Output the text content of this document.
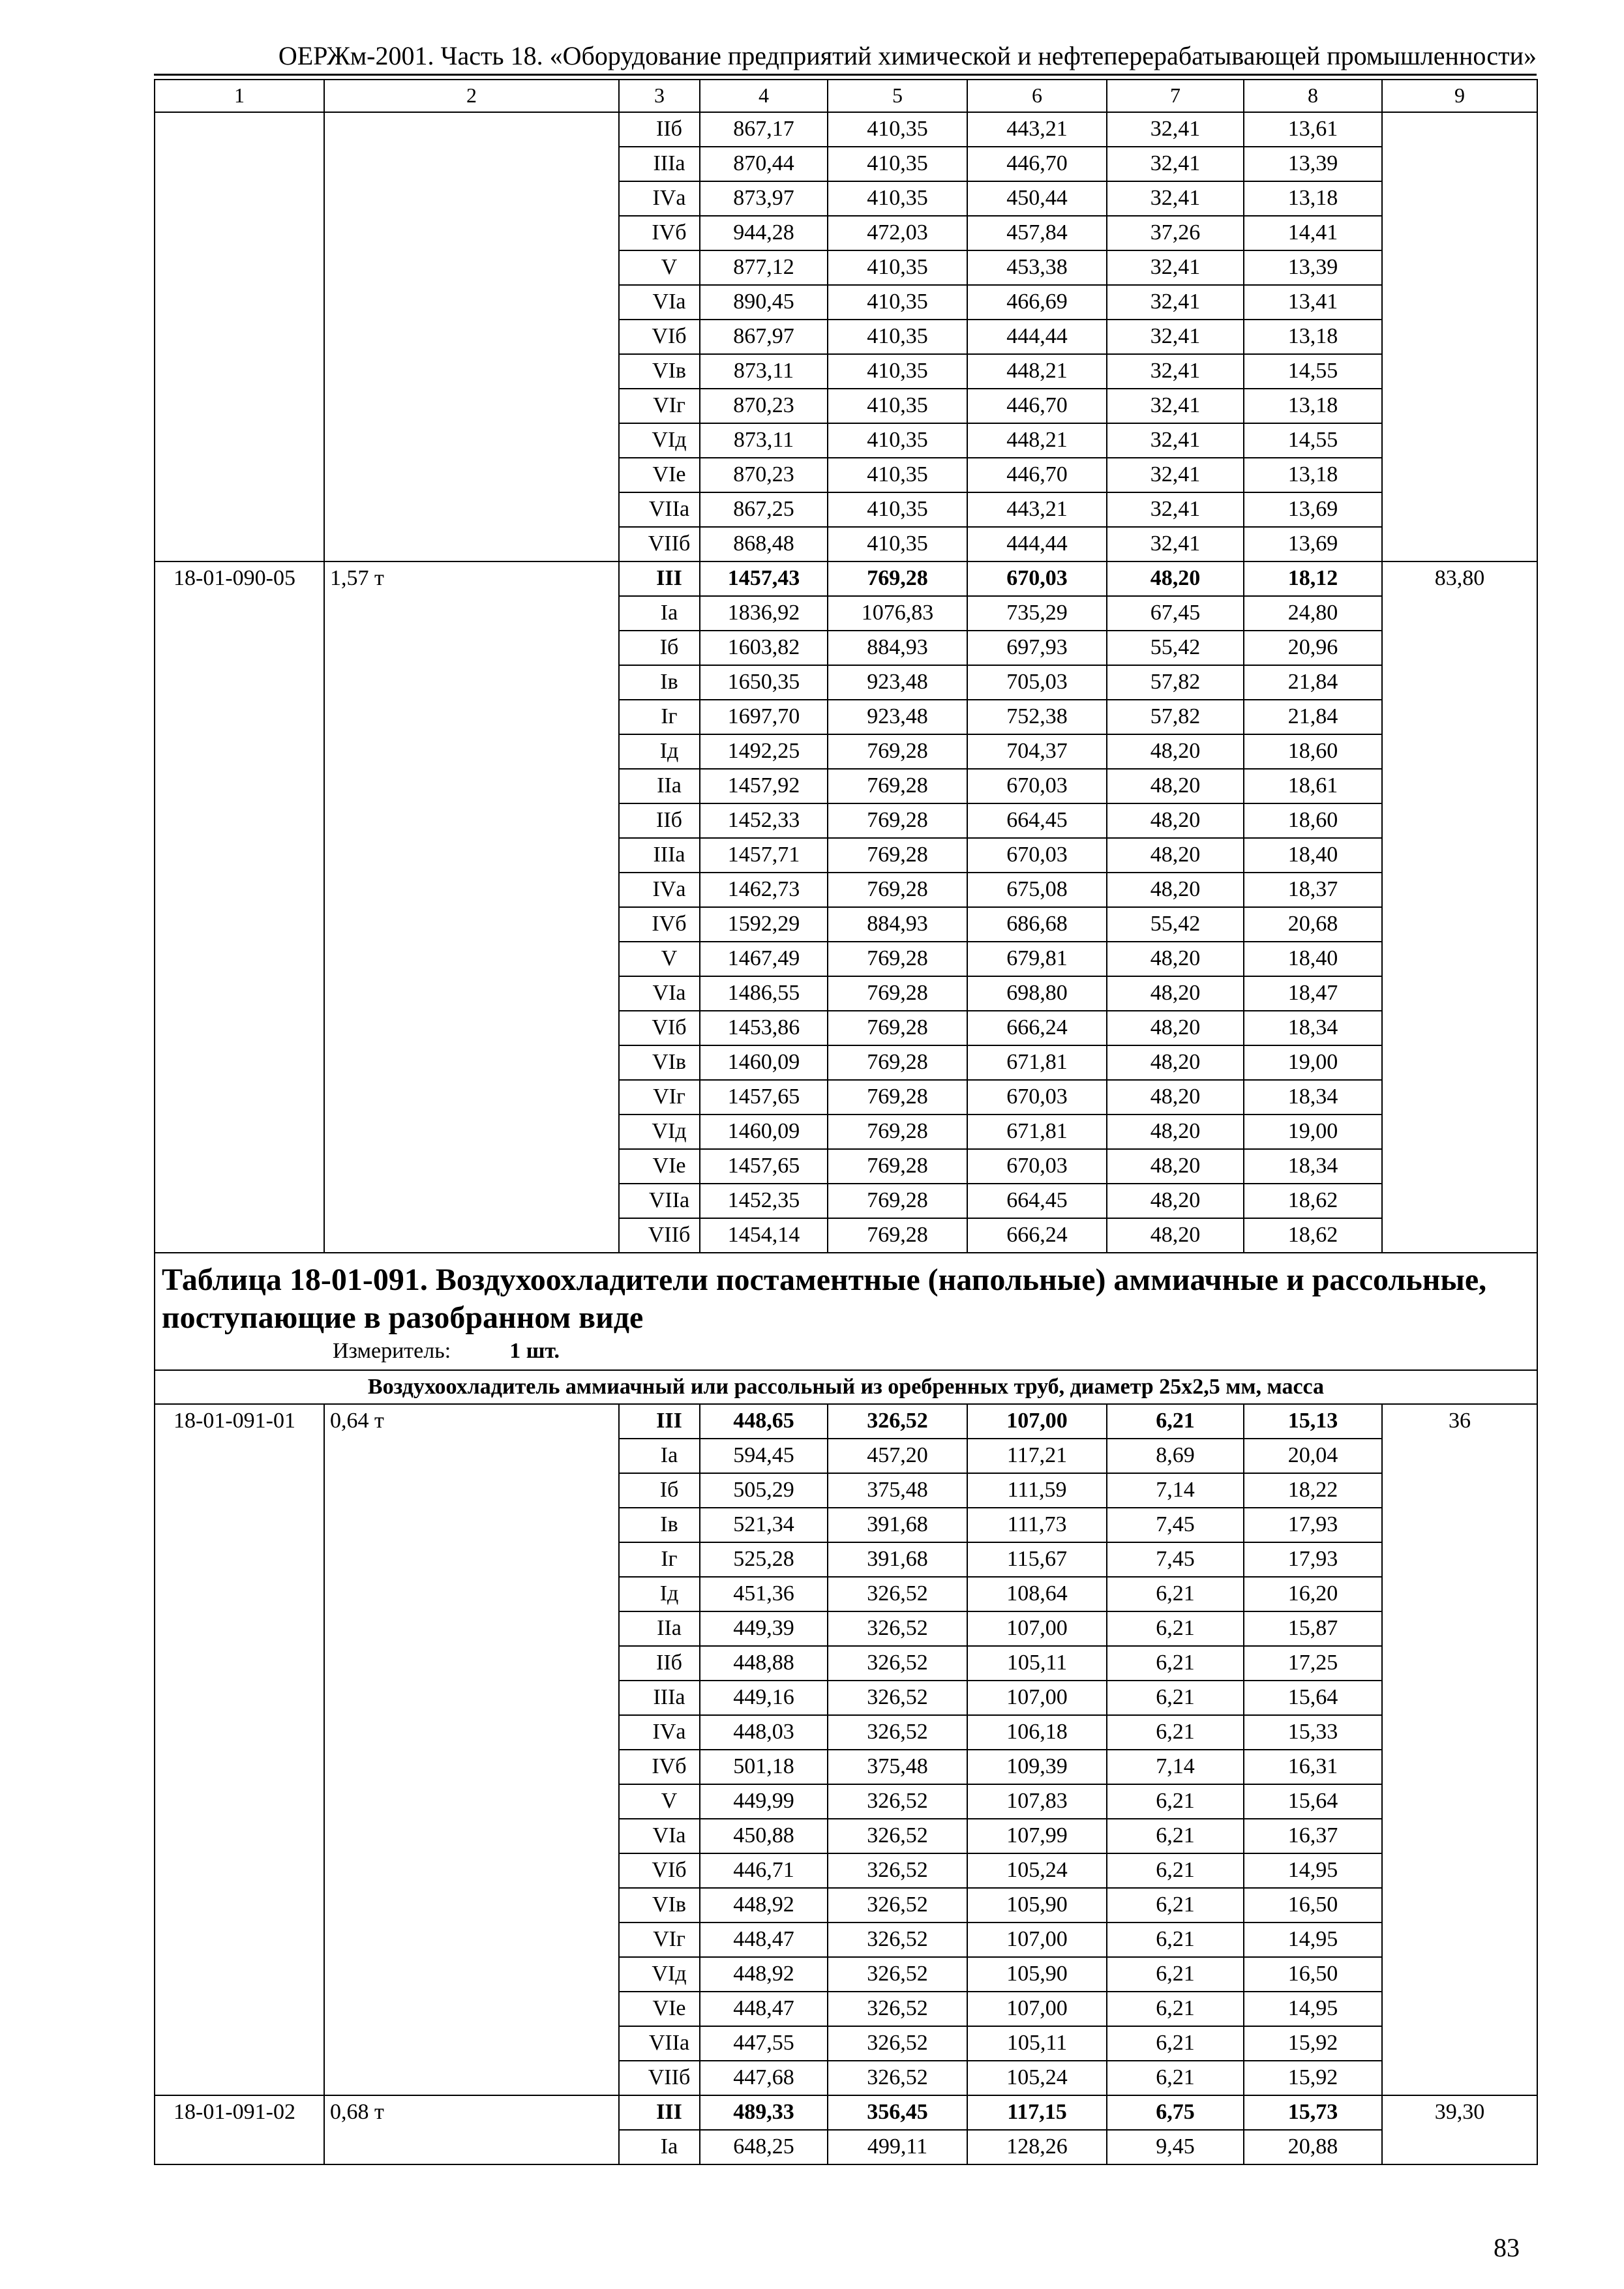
ОЕРЖм-2001. Часть 18. «Оборудование предприятий химической и нефтеперерабатывающей промышленности»
1	2	3	4	5	6	7	8	9
		IIб	867,17	410,35	443,21	32,41	13,61	
		IIIа	870,44	410,35	446,70	32,41	13,39	
		IVа	873,97	410,35	450,44	32,41	13,18	
		IVб	944,28	472,03	457,84	37,26	14,41	
		V	877,12	410,35	453,38	32,41	13,39	
		VIа	890,45	410,35	466,69	32,41	13,41	
		VIб	867,97	410,35	444,44	32,41	13,18	
		VIв	873,11	410,35	448,21	32,41	14,55	
		VIг	870,23	410,35	446,70	32,41	13,18	
		VIд	873,11	410,35	448,21	32,41	14,55	
		VIе	870,23	410,35	446,70	32,41	13,18	
		VIIа	867,25	410,35	443,21	32,41	13,69	
		VIIб	868,48	410,35	444,44	32,41	13,69	
18-01-090-05	1,57 т	III	1457,43	769,28	670,03	48,20	18,12	83,80
		Iа	1836,92	1076,83	735,29	67,45	24,80	
		Iб	1603,82	884,93	697,93	55,42	20,96	
		Iв	1650,35	923,48	705,03	57,82	21,84	
		Iг	1697,70	923,48	752,38	57,82	21,84	
		Iд	1492,25	769,28	704,37	48,20	18,60	
		IIа	1457,92	769,28	670,03	48,20	18,61	
		IIб	1452,33	769,28	664,45	48,20	18,60	
		IIIа	1457,71	769,28	670,03	48,20	18,40	
		IVа	1462,73	769,28	675,08	48,20	18,37	
		IVб	1592,29	884,93	686,68	55,42	20,68	
		V	1467,49	769,28	679,81	48,20	18,40	
		VIа	1486,55	769,28	698,80	48,20	18,47	
		VIб	1453,86	769,28	666,24	48,20	18,34	
		VIв	1460,09	769,28	671,81	48,20	19,00	
		VIг	1457,65	769,28	670,03	48,20	18,34	
		VIд	1460,09	769,28	671,81	48,20	19,00	
		VIе	1457,65	769,28	670,03	48,20	18,34	
		VIIа	1452,35	769,28	664,45	48,20	18,62	
		VIIб	1454,14	769,28	666,24	48,20	18,62	

Таблица 18-01-091. Воздухоохладители постаментные (напольные) аммиачные и рассольные, поступающие в разобранном виде
Измеритель: 1 шт.								

Воздухоохладитель аммиачный или рассольный из оребренных труб, диаметр 25х2,5 мм, масса								
18-01-091-01	0,64 т	III	448,65	326,52	107,00	6,21	15,13	36
		Iа	594,45	457,20	117,21	8,69	20,04	
		Iб	505,29	375,48	111,59	7,14	18,22	
		Iв	521,34	391,68	111,73	7,45	17,93	
		Iг	525,28	391,68	115,67	7,45	17,93	
		Iд	451,36	326,52	108,64	6,21	16,20	
		IIа	449,39	326,52	107,00	6,21	15,87	
		IIб	448,88	326,52	105,11	6,21	17,25	
		IIIа	449,16	326,52	107,00	6,21	15,64	
		IVа	448,03	326,52	106,18	6,21	15,33	
		IVб	501,18	375,48	109,39	7,14	16,31	
		V	449,99	326,52	107,83	6,21	15,64	
		VIа	450,88	326,52	107,99	6,21	16,37	
		VIб	446,71	326,52	105,24	6,21	14,95	
		VIв	448,92	326,52	105,90	6,21	16,50	
		VIг	448,47	326,52	107,00	6,21	14,95	
		VIд	448,92	326,52	105,90	6,21	16,50	
		VIе	448,47	326,52	107,00	6,21	14,95	
		VIIа	447,55	326,52	105,11	6,21	15,92	
		VIIб	447,68	326,52	105,24	6,21	15,92	
18-01-091-02	0,68 т	III	489,33	356,45	117,15	6,75	15,73	39,30
		Iа	648,25	499,11	128,26	9,45	20,88	
83
